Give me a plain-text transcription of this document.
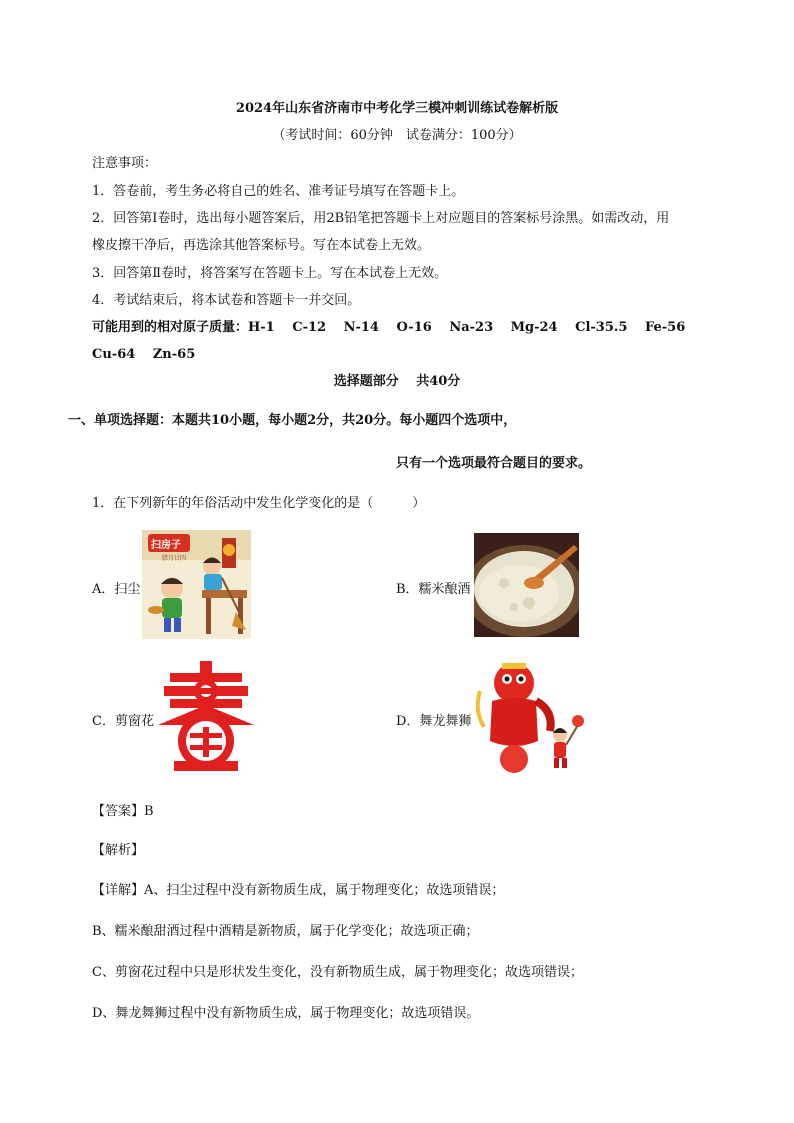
2024年山东省济南市中考化学三模冲刺训练试卷解析版
（考试时间：60分钟　试卷满分：100分）
注意事项：
1．答卷前，考生务必将自己的姓名、准考证号填写在答题卡上。
2．回答第Ⅰ卷时，选出每小题答案后，用2B铅笔把答题卡上对应题目的答案标号涂黑。如需改动，用
橡皮擦干净后，再选涂其他答案标号。写在本试卷上无效。
3．回答第Ⅱ卷时，将答案写在答题卡上。写在本试卷上无效。
4．考试结束后，将本试卷和答题卡一并交回。
可能用到的相对原子质量：H-1　 C-12　 N-14　 O-16　 Na-23　 Mg-24　 Cl-35.5　 Fe-56
Cu-64　 Zn-65
选择题部分　 共40分
一、单项选择题：本题共10小题，每小题2分，共20分。每小题四个选项中，
只有一个选项最符合题目的要求。
1．在下列新年的年俗活动中发生化学变化的是（　　　）
A．扫尘
扫房子
腊月廿四
B．糯米酿酒
C．剪窗花	D．舞龙舞狮
【答案】B
【解析】
【详解】A、扫尘过程中没有新物质生成，属于物理变化；故选项错误；
B、糯米酿甜酒过程中酒精是新物质，属于化学变化；故选项正确；
C、剪窗花过程中只是形状发生变化，没有新物质生成，属于物理变化；故选项错误；
D、舞龙舞狮过程中没有新物质生成，属于物理变化；故选项错误。
